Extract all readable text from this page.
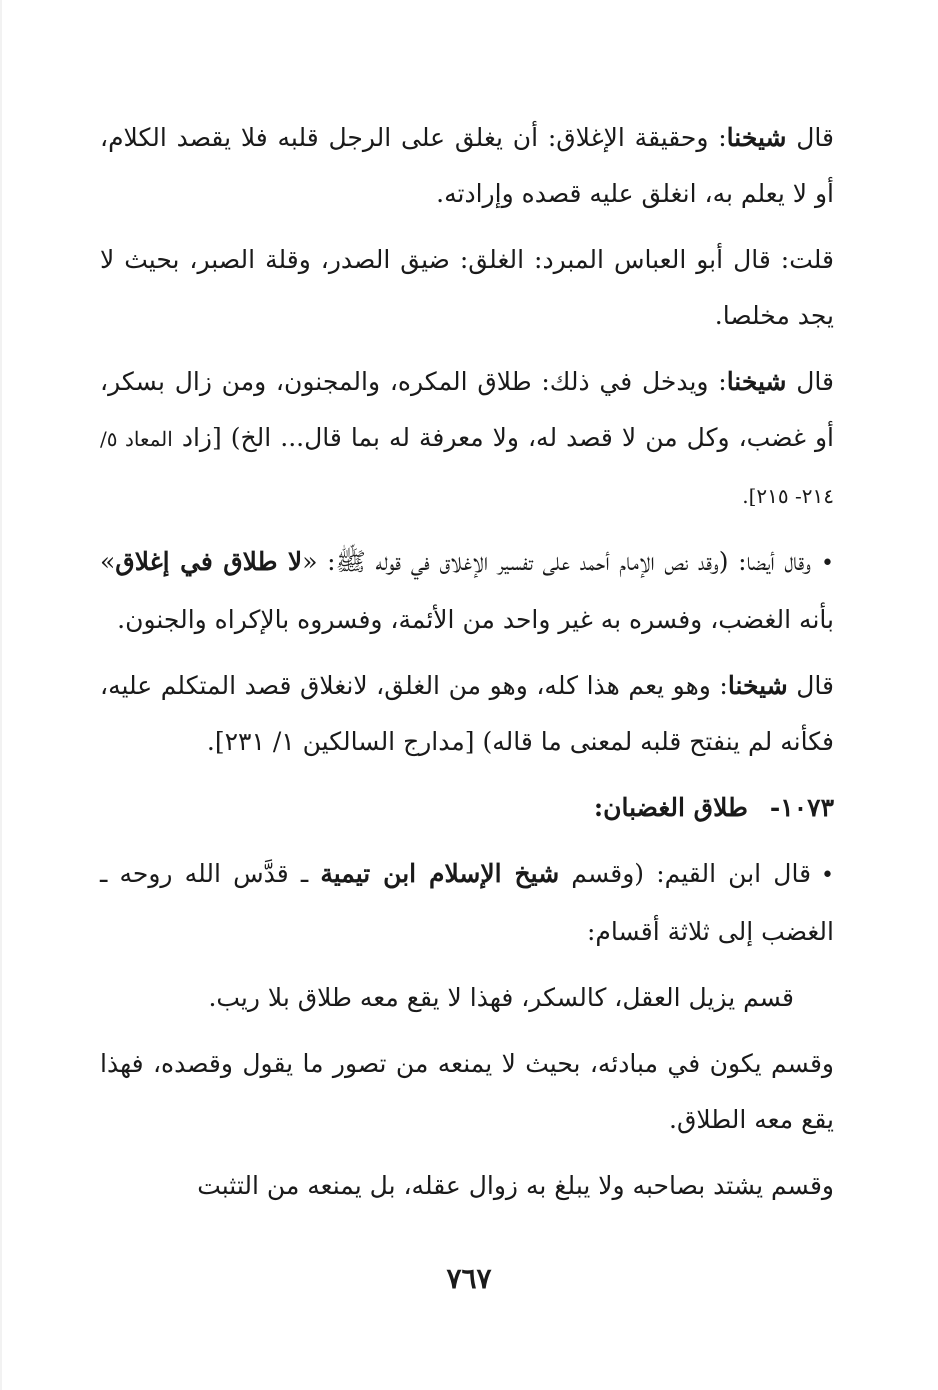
قال شيخنا: وحقيقة الإغلاق: أن يغلق على الرجل قلبه فلا يقصد الكلام، أو لا يعلم به، انغلق عليه قصده وإرادته.

قلت: قال أبو العباس المبرد: الغلق: ضيق الصدر، وقلة الصبر، بحيث لا يجد مخلصا.

قال شيخنا: ويدخل في ذلك: طلاق المكره، والمجنون، ومن زال بسكر، أو غضب، وكل من لا قصد له، ولا معرفة له بما قال... الخ) [زاد المعاد ٥/ ٢١٤- ٢١٥].

•وقال أيضا: (وقد نص الإمام أحمد على تفسير الإغلاق في قوله ﷺ: «لا طلاق في إغلاق» بأنه الغضب، وفسره به غير واحد من الأئمة، وفسروه بالإكراه والجنون.

قال شيخنا: وهو يعم هذا كله، وهو من الغلق، لانغلاق قصد المتكلم عليه، فكأنه لم ينفتح قلبه لمعنى ما قاله) [مدارج السالكين ١/ ٢٣١].

١٠٧٣-طلاق الغضبان:

•قال ابن القيم: (وقسم شيخ الإسلام ابن تيمية ـ قدَّس الله روحه ـ الغضب إلى ثلاثة أقسام:

قسم يزيل العقل، كالسكر، فهذا لا يقع معه طلاق بلا ريب.

وقسم يكون في مبادئه، بحيث لا يمنعه من تصور ما يقول وقصده، فهذا يقع معه الطلاق.

وقسم يشتد بصاحبه ولا يبلغ به زوال عقله، بل يمنعه من التثبت

٧٦٧
